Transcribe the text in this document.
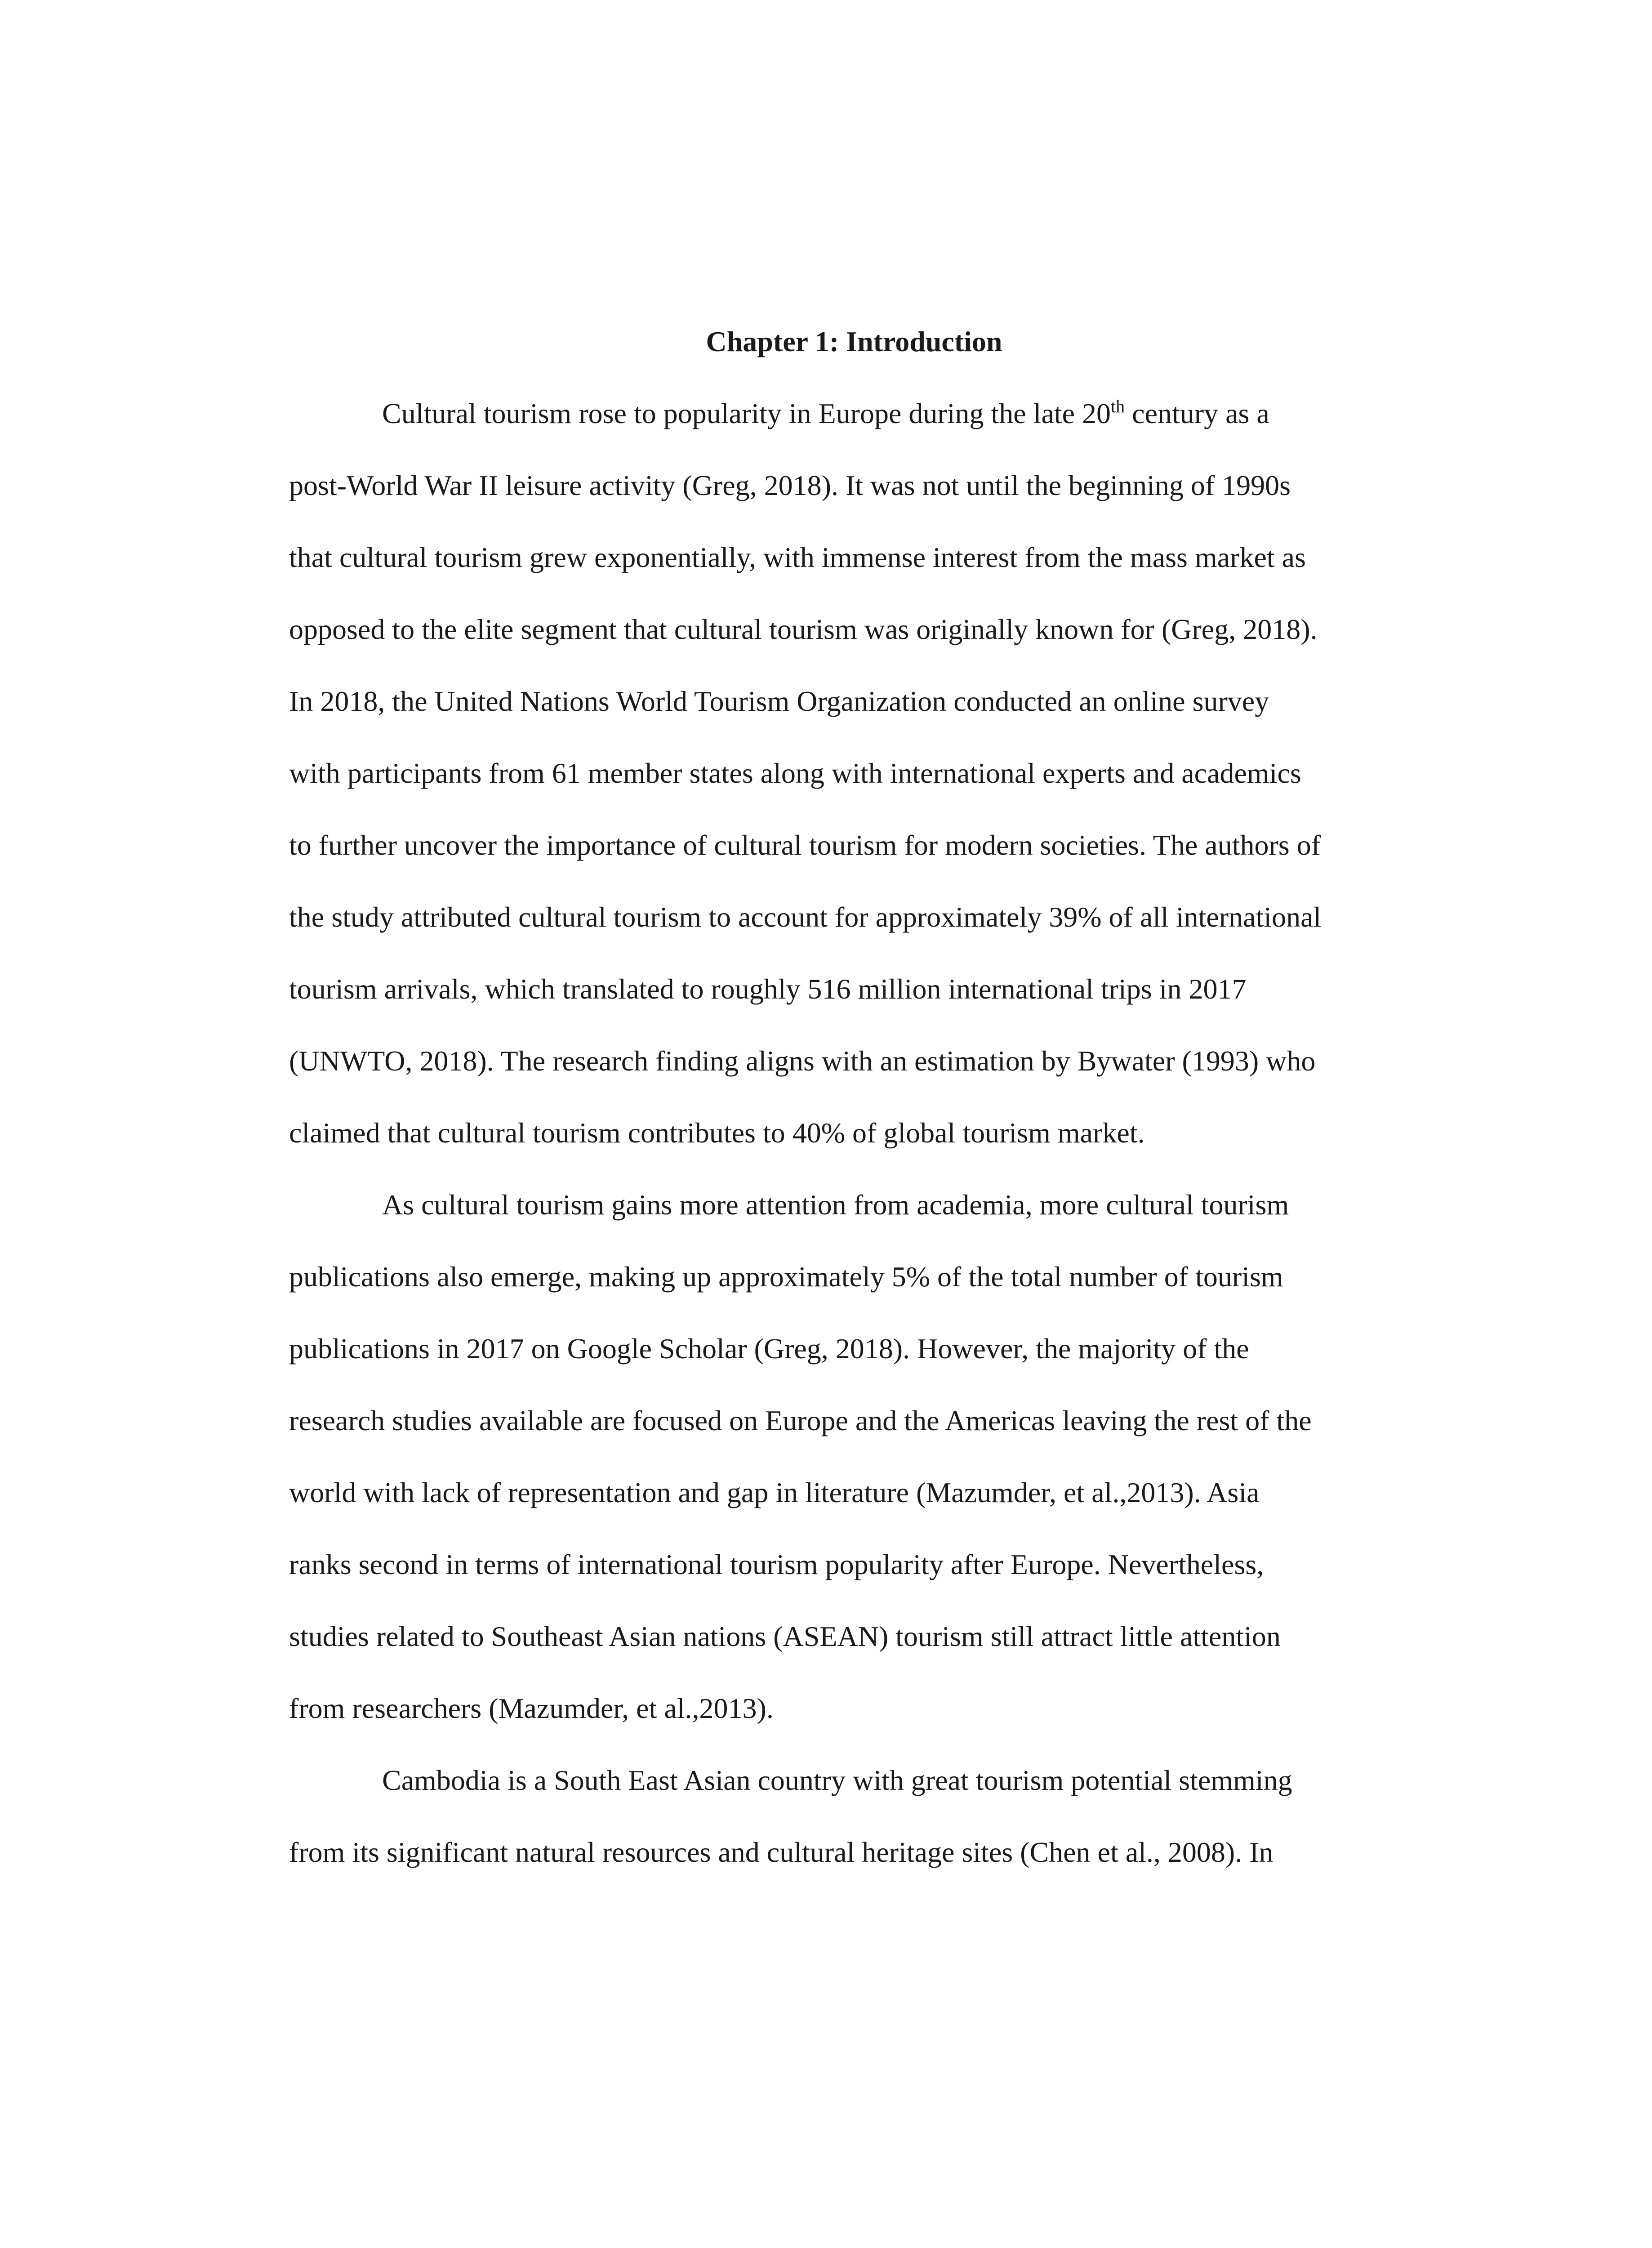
Chapter 1: Introduction

Cultural tourism rose to popularity in Europe during the late 20th century as a

post-World War II leisure activity (Greg, 2018). It was not until the beginning of 1990s

that cultural tourism grew exponentially, with immense interest from the mass market as

opposed to the elite segment that cultural tourism was originally known for (Greg, 2018).

In 2018, the United Nations World Tourism Organization conducted an online survey

with participants from 61 member states along with international experts and academics

to further uncover the importance of cultural tourism for modern societies. The authors of

the study attributed cultural tourism to account for approximately 39% of all international

tourism arrivals, which translated to roughly 516 million international trips in 2017

(UNWTO, 2018). The research finding aligns with an estimation by Bywater (1993) who

claimed that cultural tourism contributes to 40% of global tourism market.

As cultural tourism gains more attention from academia, more cultural tourism

publications also emerge, making up approximately 5% of the total number of tourism

publications in 2017 on Google Scholar (Greg, 2018). However, the majority of the

research studies available are focused on Europe and the Americas leaving the rest of the

world with lack of representation and gap in literature (Mazumder, et al.,2013). Asia

ranks second in terms of international tourism popularity after Europe. Nevertheless,

studies related to Southeast Asian nations (ASEAN) tourism still attract little attention

from researchers (Mazumder, et al.,2013).

Cambodia is a South East Asian country with great tourism potential stemming

from its significant natural resources and cultural heritage sites (Chen et al., 2008). In
